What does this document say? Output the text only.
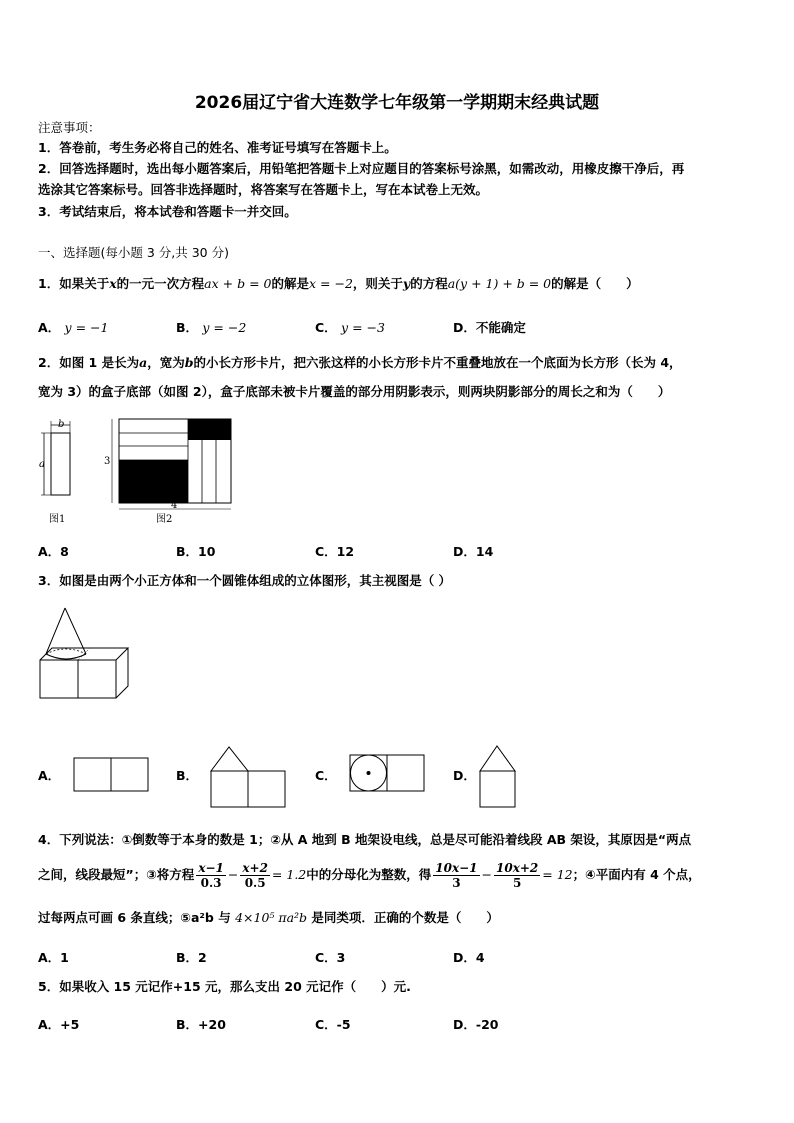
2026届辽宁省大连数学七年级第一学期期末经典试题
注意事项：
1．答卷前，考生务必将自己的姓名、准考证号填写在答题卡上。
2．回答选择题时，选出每小题答案后，用铅笔把答题卡上对应题目的答案标号涂黑，如需改动，用橡皮擦干净后，再
选涂其它答案标号。回答非选择题时，将答案写在答题卡上，写在本试卷上无效。
3．考试结束后，将本试卷和答题卡一并交回。
一、选择题(每小题 3 分,共 30 分)
1．如果关于x的一元一次方程ax + b = 0的解是x = −2，则关于y的方程a(y + 1) + b = 0的解是（　　）
A． y = −1	B． y = −2	C． y = −3	D．不能确定
2．如图 1 是长为a，宽为b的小长方形卡片，把六张这样的小长方形卡片不重叠地放在一个底面为长方形（长为 4，
宽为 3）的盒子底部（如图 2），盒子底部未被卡片覆盖的部分用阴影表示，则两块阴影部分的周长之和为（　　）
b
a
图1
3
4
图2
A．8	B．10	C．12	D．14
3．如图是由两个小正方体和一个圆锥体组成的立体图形，其主视图是（ ）
A．	B．	C．	D．
4．下列说法：①倒数等于本身的数是 1；②从 A 地到 B 地架设电线，总是尽可能沿着线段 AB 架设，其原因是“两点
之间，线段最短”；③将方程 $\frac{x-1}{0.3} - \frac{x+2}{0.5} = 1.2$中的分母化为整数，得 $\frac{10x-1}{3} - \frac{10x+2}{5} = 12$；④平面内有 4 个点，
过每两点可画 6 条直线；⑤a²b 与 4×10⁵ πa²b 是同类项．正确的个数是（　　）
A．1	B．2	C．3	D．4
5．如果收入 15 元记作+15 元，那么支出 20 元记作（　　）元.
A．+5	B．+20	C．-5	D．-20
